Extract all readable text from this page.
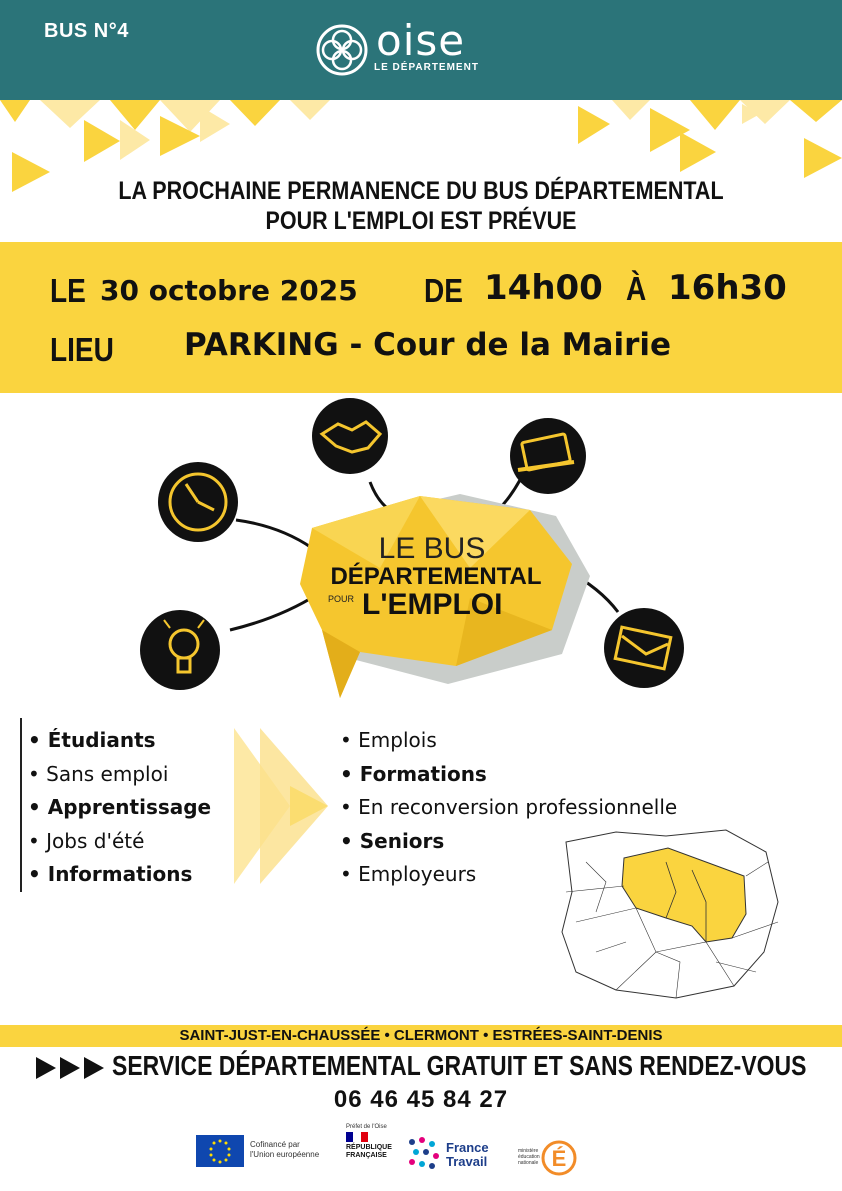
BUS N°4	oise
LE DÉPARTEMENT
LA PROCHAINE PERMANENCE DU BUS DÉPARTEMENTAL
POUR L'EMPLOI EST PRÉVUE
LE 30 octobre 2025 DE 14h00 À 16h30
LIEU PARKING - Cour de la Mairie
LE BUS
DÉPARTEMENTAL
POUR L'EMPLOI
• Étudiants
• Sans emploi
• Apprentissage
• Jobs d'été
• Informations
• Emplois
• Formations
• En reconversion professionnelle
• Seniors
• Employeurs
SAINT-JUST-EN-CHAUSSÉE • CLERMONT • ESTRÉES-SAINT-DENIS
SERVICE DÉPARTEMENTAL GRATUIT ET SANS RENDEZ-VOUS
06 46 45 84 27
Cofinancé par
l'Union européenne
Préfet de l'Oise
RÉPUBLIQUE
FRANÇAISE
France
Travail
ministère
éducation
nationale É
